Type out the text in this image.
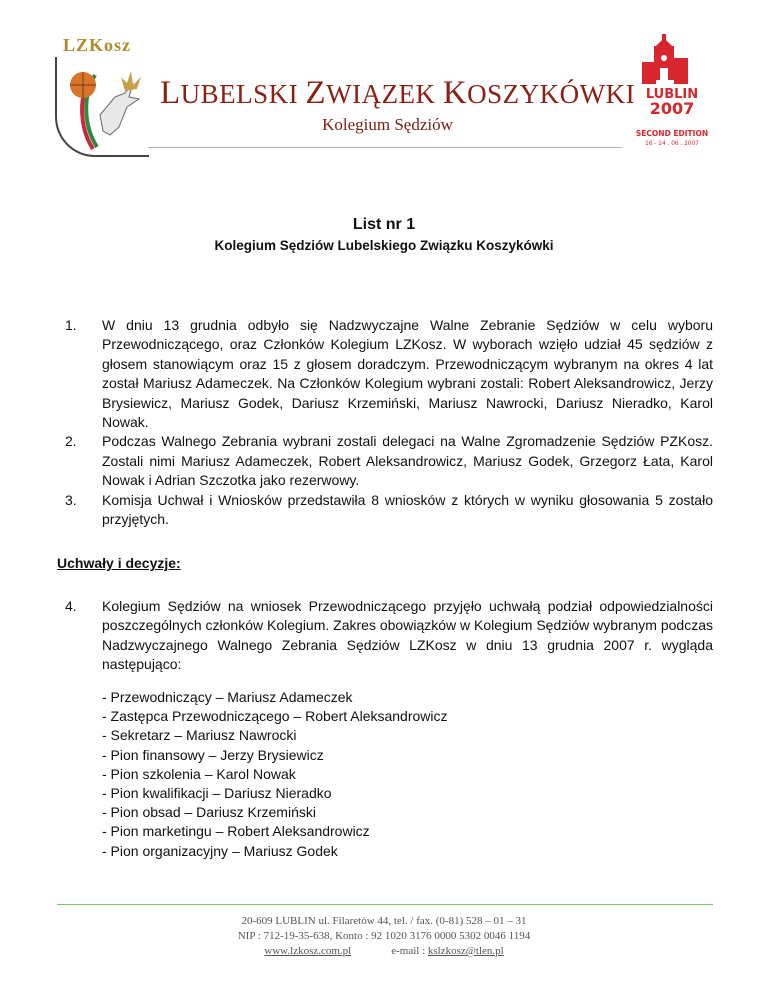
LZKosz
LUBELSKI ZWIĄZEK KOSZYKÓWKI
Kolegium Sędziów
LUBLIN
2007
SECOND EDITION
16 - 24 . 06 . 2007
List nr 1
Kolegium Sędziów Lubelskiego Związku Koszykówki
1. W dniu 13 grudnia odbyło się Nadzwyczajne Walne Zebranie Sędziów w celu wyboru Przewodniczącego, oraz Członków Kolegium LZKosz. W wyborach wzięło udział 45 sędziów z głosem stanowiącym oraz 15 z głosem doradczym. Przewodniczącym wybranym na okres 4 lat został Mariusz Adameczek. Na Członków Kolegium wybrani zostali: Robert Aleksandrowicz, Jerzy Brysiewicz, Mariusz Godek, Dariusz Krzemiński, Mariusz Nawrocki, Dariusz Nieradko, Karol Nowak.
2. Podczas Walnego Zebrania wybrani zostali delegaci na Walne Zgromadzenie Sędziów PZKosz. Zostali nimi Mariusz Adameczek, Robert Aleksandrowicz, Mariusz Godek, Grzegorz Łata, Karol Nowak i Adrian Szczotka jako rezerwowy.
3. Komisja Uchwał i Wniosków przedstawiła 8 wniosków z których w wyniku głosowania 5 zostało przyjętych.
Uchwały i decyzje:
4.	Kolegium Sędziów na wniosek Przewodniczącego przyjęło uchwałą podział odpowiedzialności poszczególnych członków Kolegium. Zakres obowiązków w Kolegium Sędziów wybranym podczas Nadzwyczajnego Walnego Zebrania Sędziów LZKosz w dniu 13 grudnia 2007 r. wygląda następująco:
- Przewodniczący – Mariusz Adameczek
- Zastępca Przewodniczącego – Robert Aleksandrowicz
- Sekretarz – Mariusz Nawrocki
- Pion finansowy – Jerzy Brysiewicz
- Pion szkolenia – Karol Nowak
- Pion kwalifikacji – Dariusz Nieradko
- Pion obsad – Dariusz Krzemiński
- Pion marketingu – Robert Aleksandrowicz
- Pion organizacyjny – Mariusz Godek
20-609 LUBLIN ul. Filaretów 44, tel. / fax. (0-81) 528 – 01 – 31
NIP : 712-19-35-638, Konto : 92 1020 3176 0000 5302 0046 1194
www.lzkosz.com.pl	e-mail : kslzkosz@tlen.pl
